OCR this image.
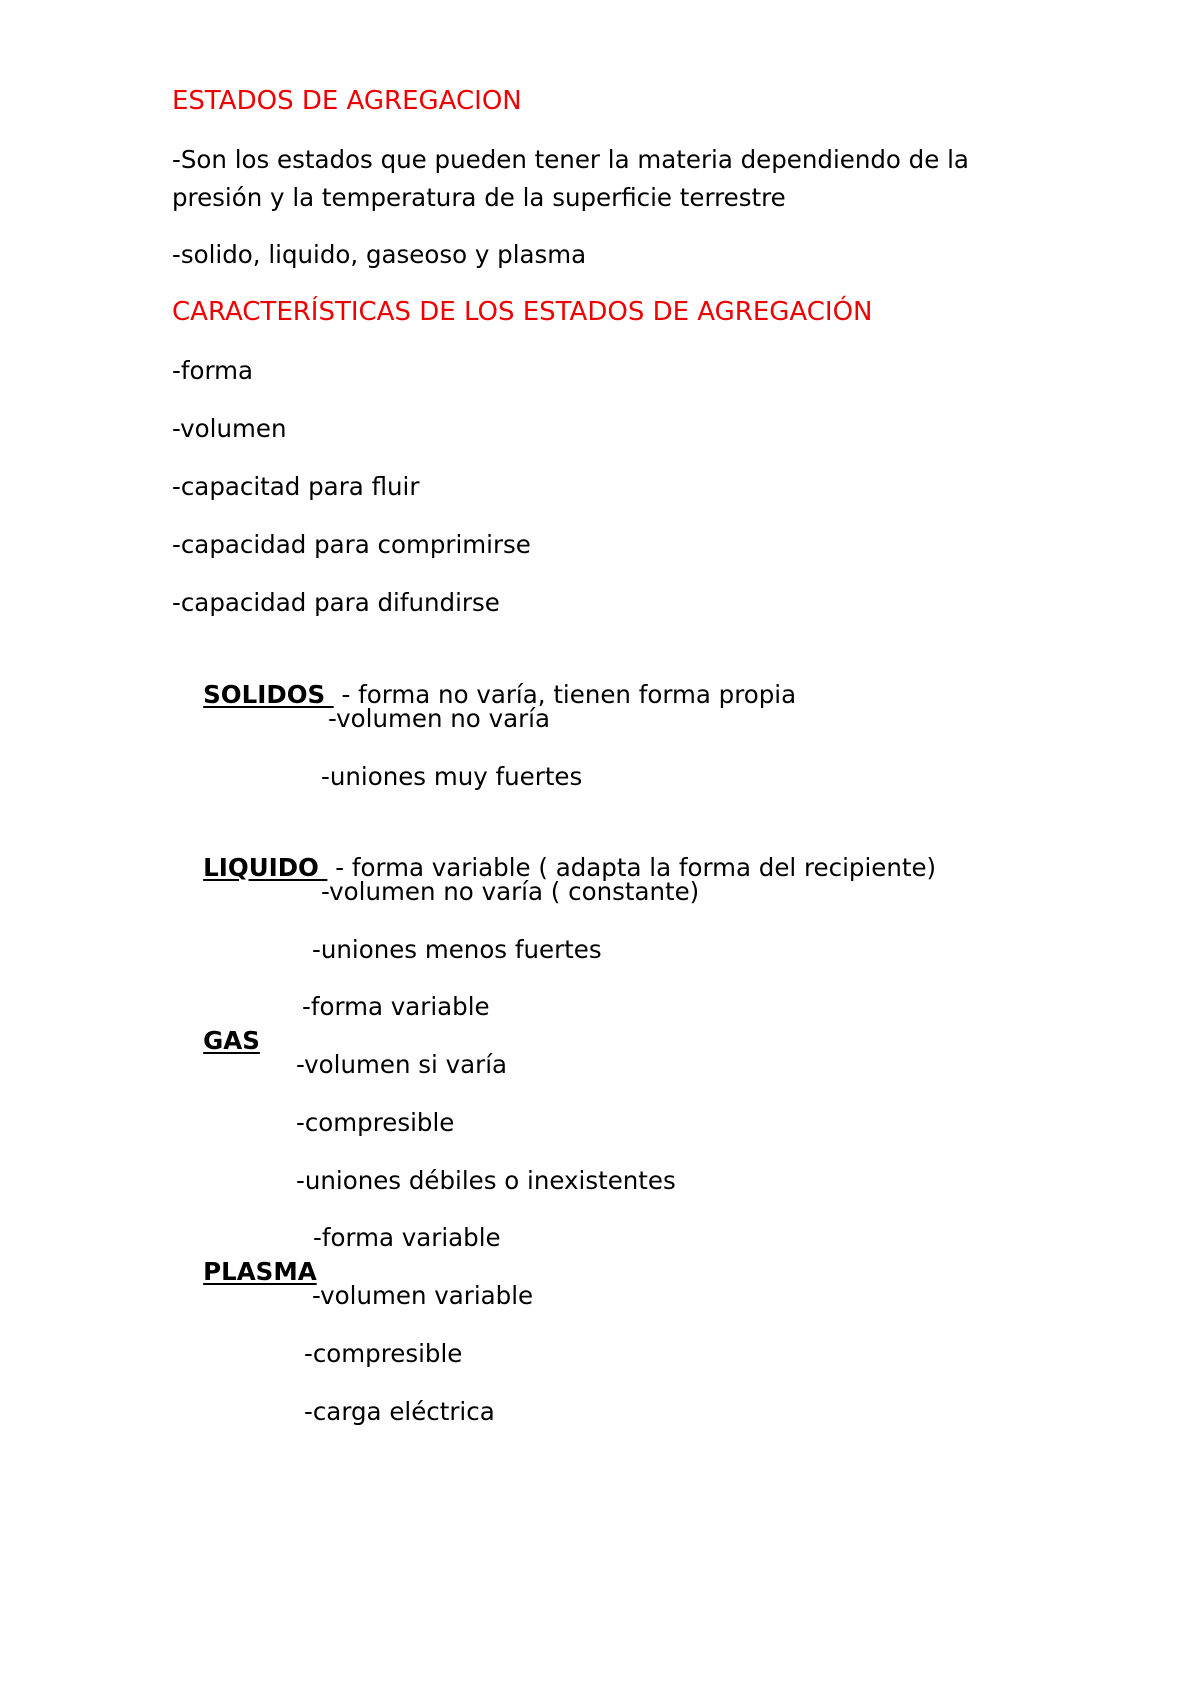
ESTADOS DE AGREGACION
-Son los estados que pueden tener la materia dependiendo de la
presión y la temperatura de la superficie terrestre
-solido, liquido, gaseoso y plasma
CARACTERÍSTICAS DE LOS ESTADOS DE AGREGACIÓN
-forma
-volumen
-capacitad para fluir
-capacidad para comprimirse
-capacidad para difundirse

SOLIDOS  - forma no varía, tienen forma propia

-volumen no varía
-uniones muy fuertes

LIQUIDO  - forma variable ( adapta la forma del recipiente)

-volumen no varía ( constante)
-uniones menos fuertes

GAS

-forma variable
-volumen si varía
-compresible
-uniones débiles o inexistentes

PLASMA

-forma variable
-volumen variable
-compresible
-carga eléctrica
